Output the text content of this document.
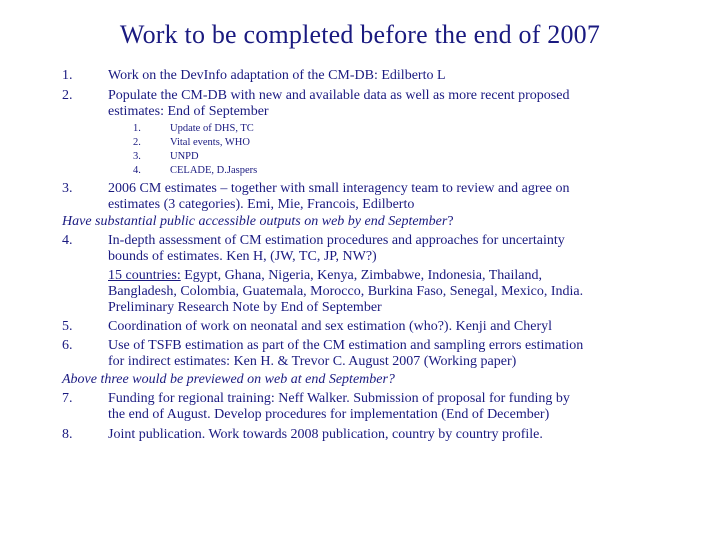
Work to be completed before the end of 2007
1.	Work on the DevInfo adaptation of the CM-DB: Edilberto L
2.	Populate the CM-DB with new and available data as well as more recent proposed
estimates: End of September
1.	Update of DHS, TC
2.	Vital events, WHO
3.	UNPD
4.	CELADE, D.Jaspers
3.	2006 CM estimates – together with small interagency team to review and agree on
estimates (3 categories). Emi, Mie, Francois, Edilberto
Have substantial public accessible outputs on web by end September?
4.	In-depth assessment of CM estimation procedures and approaches for uncertainty
bounds of estimates. Ken H, (JW, TC, JP, NW?)
15 countries: Egypt, Ghana, Nigeria, Kenya, Zimbabwe, Indonesia, Thailand,
Bangladesh, Colombia, Guatemala, Morocco, Burkina Faso, Senegal, Mexico, India.
Preliminary Research Note by End of September
5.	Coordination of work on neonatal and sex estimation (who?). Kenji and Cheryl
6.	Use of TSFB estimation as part of the CM estimation and sampling errors estimation
for indirect estimates: Ken H. & Trevor C. August 2007 (Working paper)
Above three would be previewed on web at end September?
7.	Funding for regional training: Neff Walker. Submission of proposal for funding by
the end of August. Develop procedures for implementation (End of December)
8.	Joint publication. Work towards 2008 publication, country by country profile.
